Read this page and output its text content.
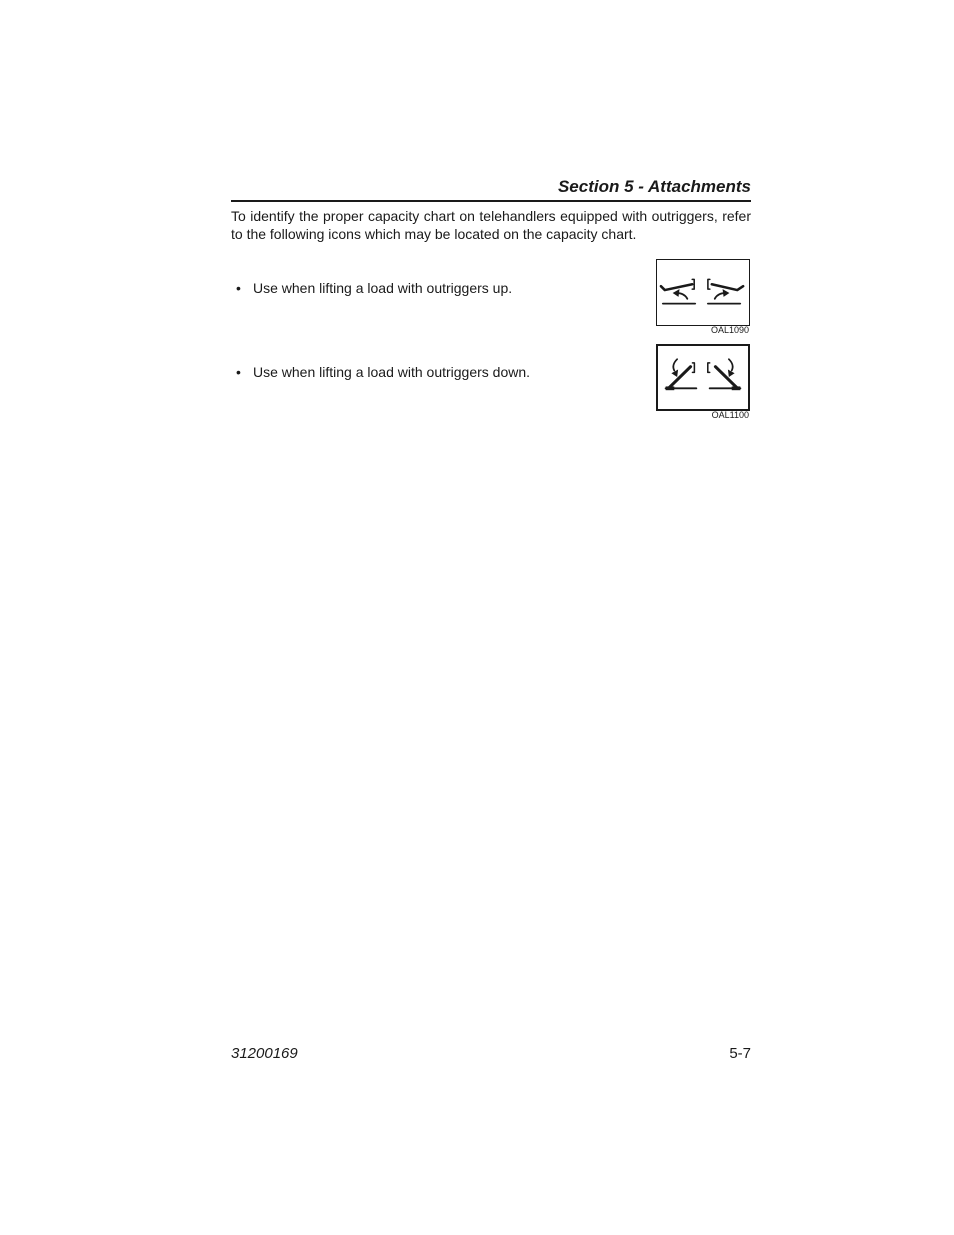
Section 5 - Attachments
To identify the proper capacity chart on telehandlers equipped with outriggers, refer to the following icons which may be located on the capacity chart.
• Use when lifting a load with outriggers up.
OAL1090
• Use when lifting a load with outriggers down.
OAL1100
31200169	5-7
